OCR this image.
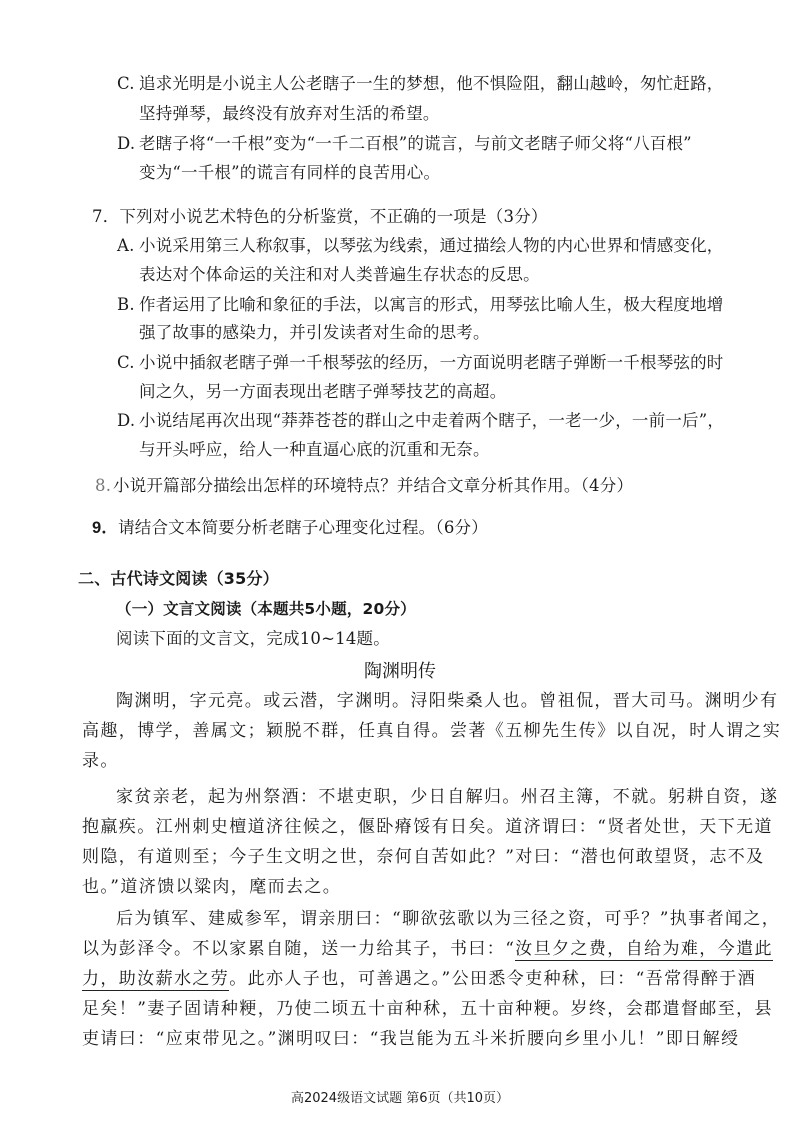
C. 追求光明是小说主人公老瞎子一生的梦想，他不惧险阻，翻山越岭，匆忙赶路，
坚持弹琴，最终没有放弃对生活的希望。
D. 老瞎子将“一千根”变为“一千二百根”的谎言，与前文老瞎子师父将“八百根”
变为“一千根”的谎言有同样的良苦用心。
7．下列对小说艺术特色的分析鉴赏，不正确的一项是（3分）
A. 小说采用第三人称叙事，以琴弦为线索，通过描绘人物的内心世界和情感变化，
表达对个体命运的关注和对人类普遍生存状态的反思。
B. 作者运用了比喻和象征的手法，以寓言的形式，用琴弦比喻人生，极大程度地增
强了故事的感染力，并引发读者对生命的思考。
C. 小说中插叙老瞎子弹一千根琴弦的经历，一方面说明老瞎子弹断一千根琴弦的时
间之久，另一方面表现出老瞎子弹琴技艺的高超。
D. 小说结尾再次出现“莽莽苍苍的群山之中走着两个瞎子，一老一少，一前一后”，
与开头呼应，给人一种直逼心底的沉重和无奈。
8. 小说开篇部分描绘出怎样的环境特点？并结合文章分析其作用。（4分）
9．请结合文本简要分析老瞎子心理变化过程。（6分）
二、古代诗文阅读（35分）
（一）文言文阅读（本题共5小题，20分）
阅读下面的文言文，完成10~14题。
陶渊明传
陶渊明，字元亮。或云潜，字渊明。浔阳柴桑人也。曾祖侃，晋大司马。渊明少有
高趣，博学，善属文；颖脱不群，任真自得。尝著《五柳先生传》以自况，时人谓之实
录。
家贫亲老，起为州祭酒：不堪吏职，少日自解归。州召主簿，不就。躬耕自资，遂
抱羸疾。江州刺史檀道济往候之，偃卧瘠馁有日矣。道济谓曰：“贤者处世，天下无道
则隐，有道则至；今子生文明之世，奈何自苦如此？”对曰：“潜也何敢望贤，志不及
也。”道济馈以粱肉，麾而去之。
后为镇军、建威参军，谓亲朋曰：“聊欲弦歌以为三径之资，可乎？”执事者闻之，
以为彭泽令。不以家累自随，送一力给其子，书曰：“汝旦夕之费，自给为难，今遣此
力，助汝薪水之劳。此亦人子也，可善遇之。”公田悉令吏种秫，曰：“吾常得醉于酒
足矣！”妻子固请种粳，乃使二顷五十亩种秫，五十亩种粳。岁终，会郡遣督邮至，县
吏请曰：“应束带见之。”渊明叹曰：“我岂能为五斗米折腰向乡里小儿！”即日解绶
高2024级语文试题 第6页（共10页）
